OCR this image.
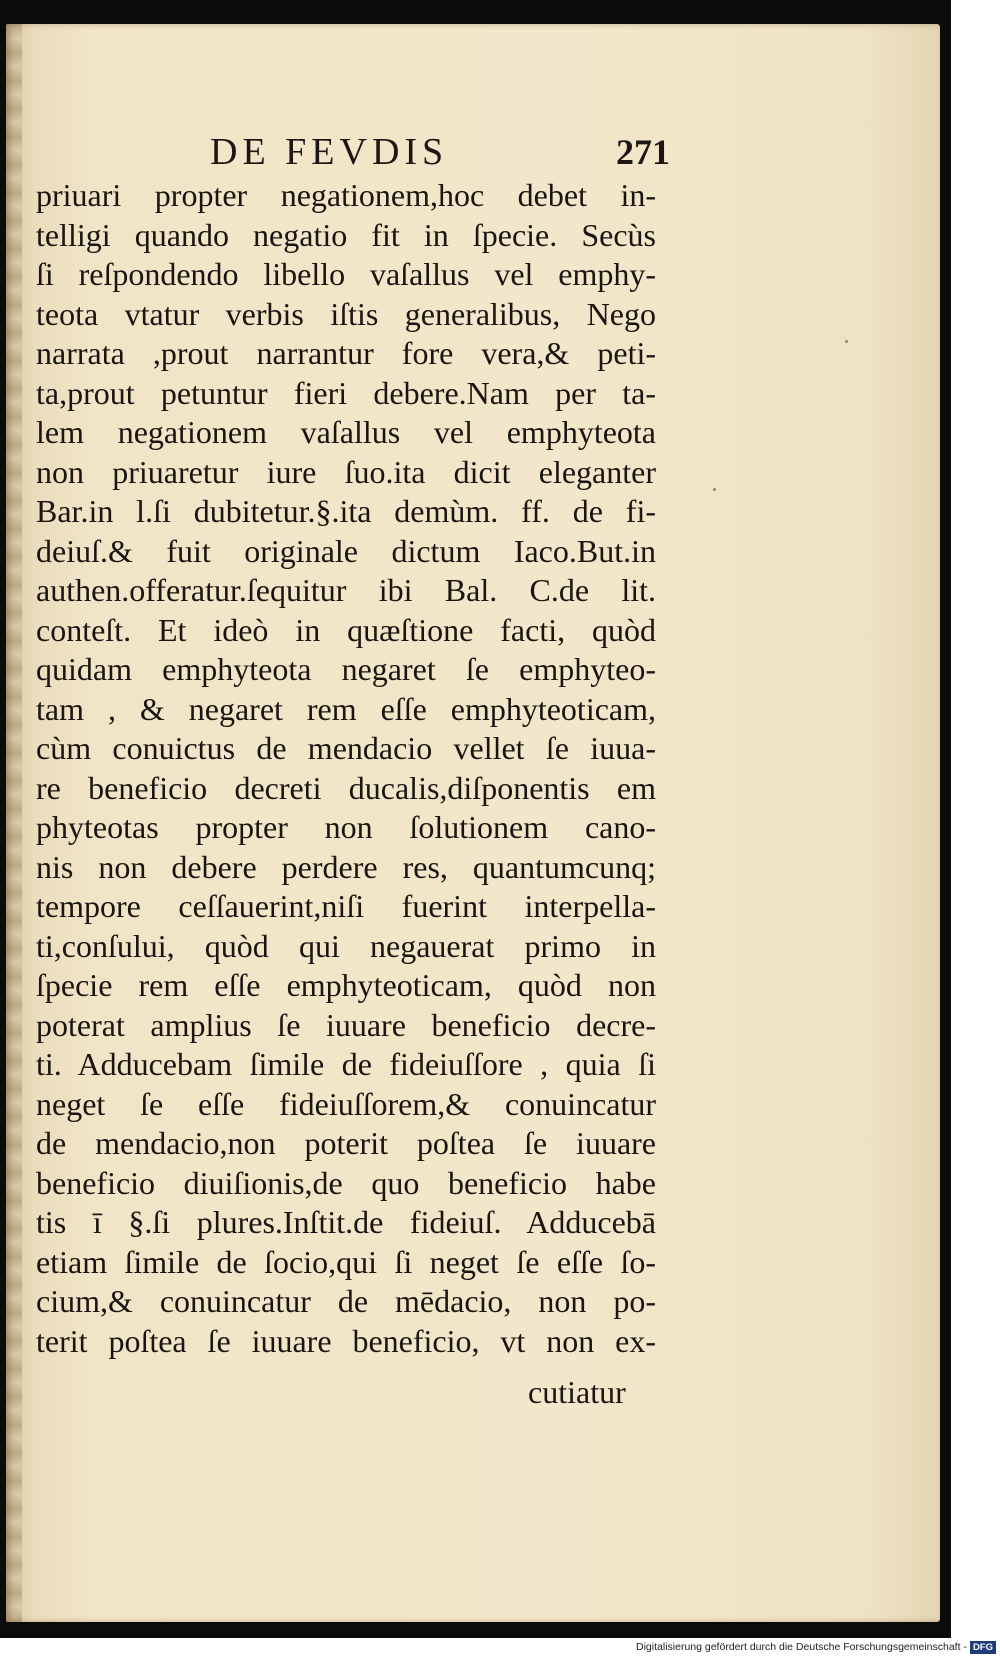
DE FEVDIS	271
priuari propter negationem,hoc debet in-
telligi quando negatio fit in ſpecie. Secùs
ſi reſpondendo libello vaſallus vel emphy-
teota vtatur verbis iſtis generalibus, Nego
narrata ,prout narrantur fore vera,& peti-
ta,prout petuntur fieri debere.Nam per ta-
lem negationem vaſallus vel emphyteota
non priuaretur iure ſuo.ita dicit eleganter
Bar.in l.ſi dubitetur.§.ita demùm. ff. de fi-
deiuſ.& fuit originale dictum Iaco.But.in
authen.offeratur.ſequitur ibi Bal. C.de lit.
conteſt. Et ideò in quæſtione facti, quòd
quidam emphyteota negaret ſe emphyteo-
tam , & negaret rem eſſe emphyteoticam,
cùm conuictus de mendacio vellet ſe iuua-
re beneficio decreti ducalis,diſponentis em
phyteotas propter non ſolutionem cano-
nis non debere perdere res, quantumcunq;
tempore ceſſauerint,niſi fuerint interpella-
ti,conſului, quòd qui negauerat primo in
ſpecie rem eſſe emphyteoticam, quòd non
poterat amplius ſe iuuare beneficio decre-
ti. Adducebam ſimile de fideiuſſore , quia ſi
neget ſe eſſe fideiuſſorem,& conuincatur
de mendacio,non poterit poſtea ſe iuuare
beneficio diuiſionis,de quo beneficio habe
tis ī §.ſi plures.Inſtit.de fideiuſ. Adducebā
etiam ſimile de ſocio,qui ſi neget ſe eſſe ſo-
cium,& conuincatur de mēdacio, non po-
terit poſtea ſe iuuare beneficio, vt non ex-
cutiatur
Digitalisierung gefördert durch die Deutsche Forschungsgemeinschaft - DFG
